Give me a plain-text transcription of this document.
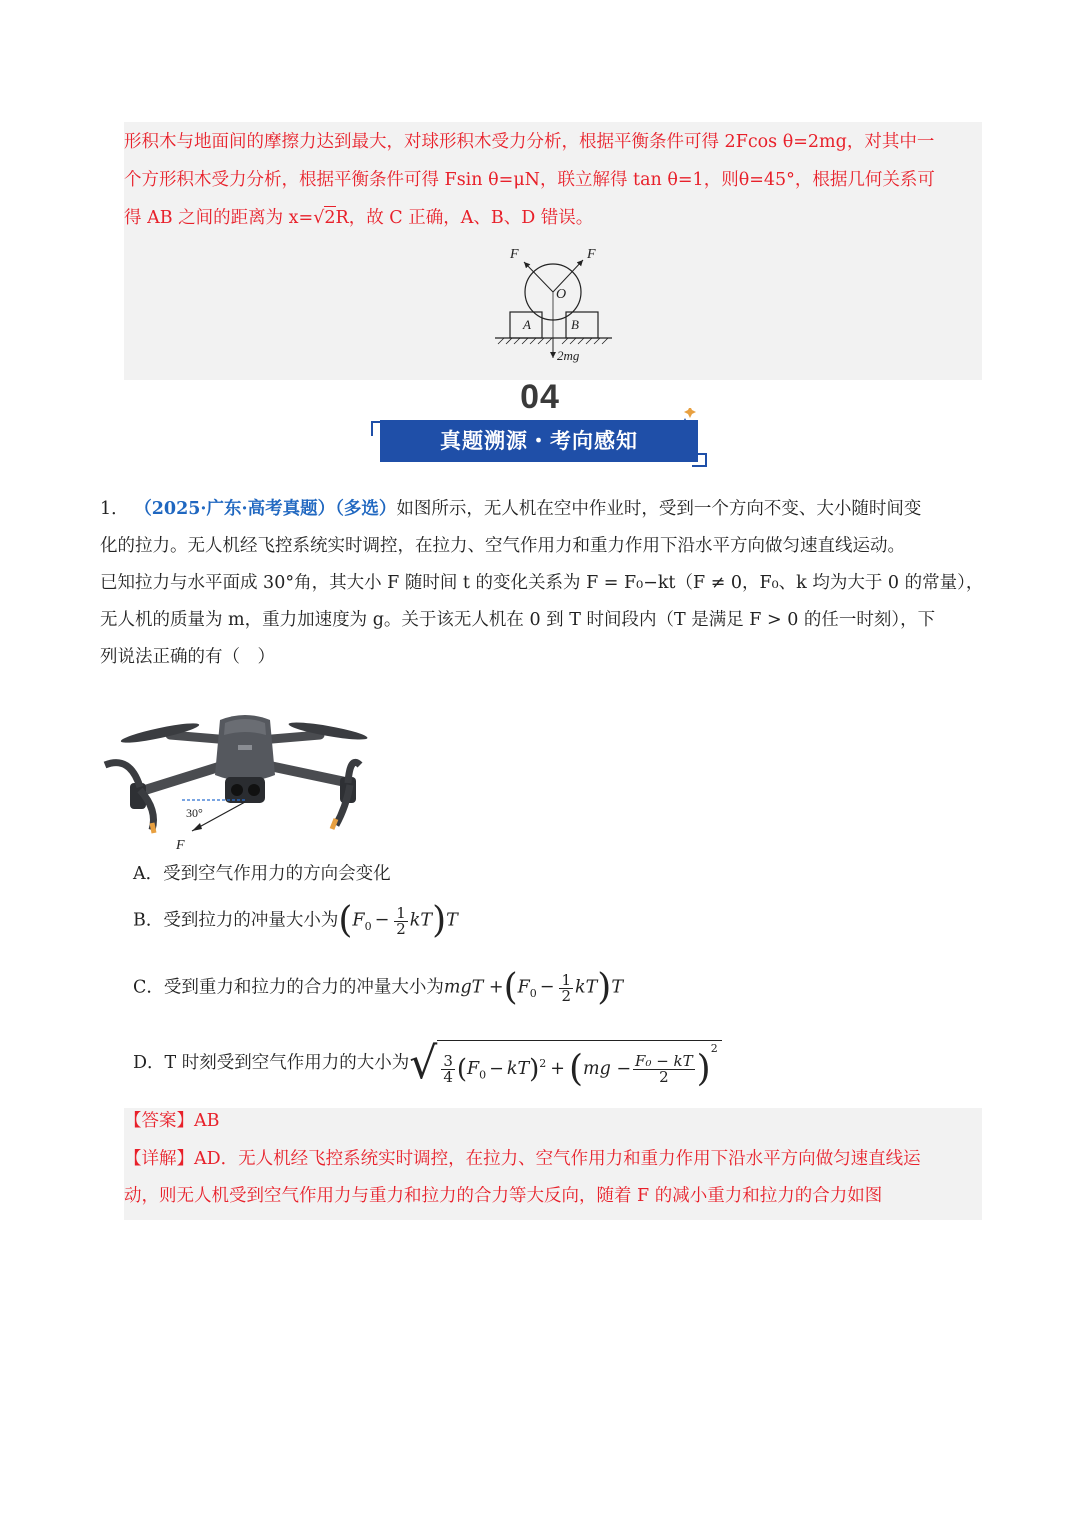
形积木与地面间的摩擦力达到最大，对球形积木受力分析，根据平衡条件可得 2Fcos θ=2mg，对其中一
个方形积木受力分析，根据平衡条件可得 Fsin θ=μN，联立解得 tan θ=1，则θ=45°，根据几何关系可
得 AB 之间的距离为 x=√2R，故 C 正确，A、B、D 错误。
F	F
O
A	B
2mg
04
真题溯源・考向感知
1． （2025·广东·高考真题）（多选）如图所示，无人机在空中作业时，受到一个方向不变、大小随时间变
化的拉力。无人机经飞控系统实时调控，在拉力、空气作用力和重力作用下沿水平方向做匀速直线运动。
已知拉力与水平面成 30°角，其大小 F 随时间 t 的变化关系为 F = F₀−kt（F ≠ 0，F₀、k 均为大于 0 的常量），
无人机的质量为 m，重力加速度为 g。关于该无人机在 0 到 T 时间段内（T 是满足 F > 0 的任一时刻），下
列说法正确的有（　）
30°
F
A．受到空气作用力的方向会变化
B．受到拉力的冲量大小为$(F_0 - \frac{1}{2} kT)T$
C．受到重力和拉力的合力的冲量大小为mgT $+(F_0 - \frac{1}{2} kT)T$
D．T 时刻受到空气作用力的大小为√ $\frac{3}{4} (F_0 - kT)^2 + (mg - \frac{\text{F₀ − kT}}{2} )^2$
【答案】AB
【详解】AD．无人机经飞控系统实时调控，在拉力、空气作用力和重力作用下沿水平方向做匀速直线运
动，则无人机受到空气作用力与重力和拉力的合力等大反向，随着 F 的减小重力和拉力的合力如图
